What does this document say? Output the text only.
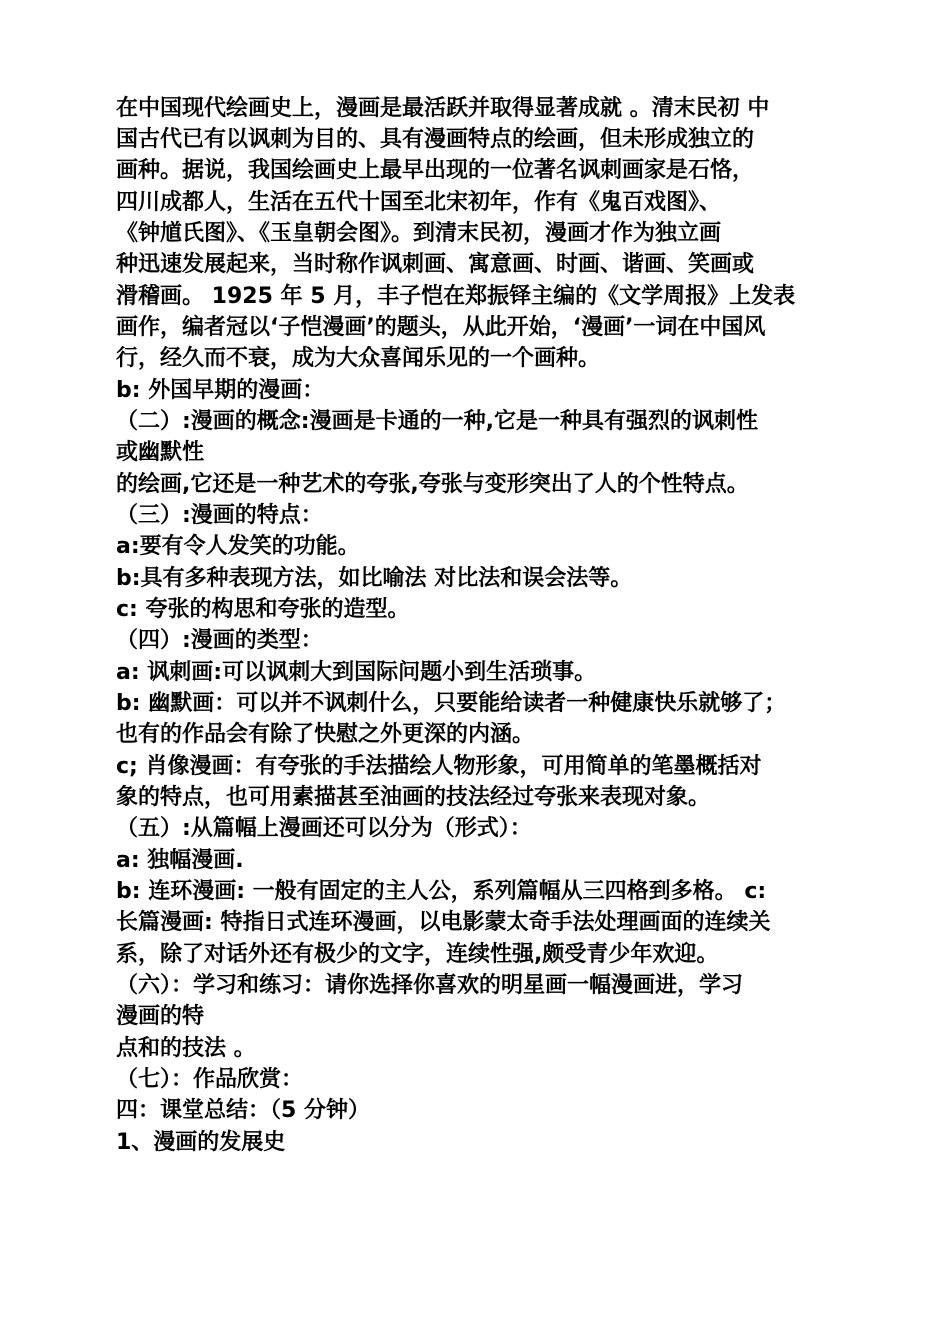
在中国现代绘画史上，漫画是最活跃并取得显著成就 。清末民初 中
国古代已有以讽刺为目的、具有漫画特点的绘画，但未形成独立的
画种。据说，我国绘画史上最早出现的一位著名讽刺画家是石恪，
四川成都人，生活在五代十国至北宋初年，作有《鬼百戏图》、
《钟馗氏图》、《玉皇朝会图》。到清末民初，漫画才作为独立画
种迅速发展起来，当时称作讽刺画、寓意画、时画、谐画、笑画或
滑稽画。 1925 年 5 月，丰子恺在郑振铎主编的《文学周报》上发表
画作，编者冠以‘子恺漫画’的题头，从此开始，‘漫画’一词在中国风
行，经久而不衰，成为大众喜闻乐见的一个画种。
b: 外国早期的漫画：
（二）:漫画的概念:漫画是卡通的一种,它是一种具有强烈的讽刺性
或幽默性
的绘画,它还是一种艺术的夸张,夸张与变形突出了人的个性特点。
（三）:漫画的特点：
a:要有令人发笑的功能。
b:具有多种表现方法，如比喻法 对比法和误会法等。
c: 夸张的构思和夸张的造型。
（四）:漫画的类型：
a: 讽刺画:可以讽刺大到国际问题小到生活琐事。
b: 幽默画：可以并不讽刺什么，只要能给读者一种健康快乐就够了；
也有的作品会有除了快慰之外更深的内涵。
c; 肖像漫画：有夸张的手法描绘人物形象，可用简单的笔墨概括对
象的特点，也可用素描甚至油画的技法经过夸张来表现对象。
（五）:从篇幅上漫画还可以分为（形式）：
a: 独幅漫画.
b: 连环漫画: 一般有固定的主人公，系列篇幅从三四格到多格。 c:
长篇漫画: 特指日式连环漫画，以电影蒙太奇手法处理画面的连续关
系，除了对话外还有极少的文字，连续性强,颇受青少年欢迎。
（六）：学习和练习：请你选择你喜欢的明星画一幅漫画进，学习
漫画的特
点和的技法 。
（七）：作品欣赏：
四：课堂总结：（5 分钟）
1、漫画的发展史
